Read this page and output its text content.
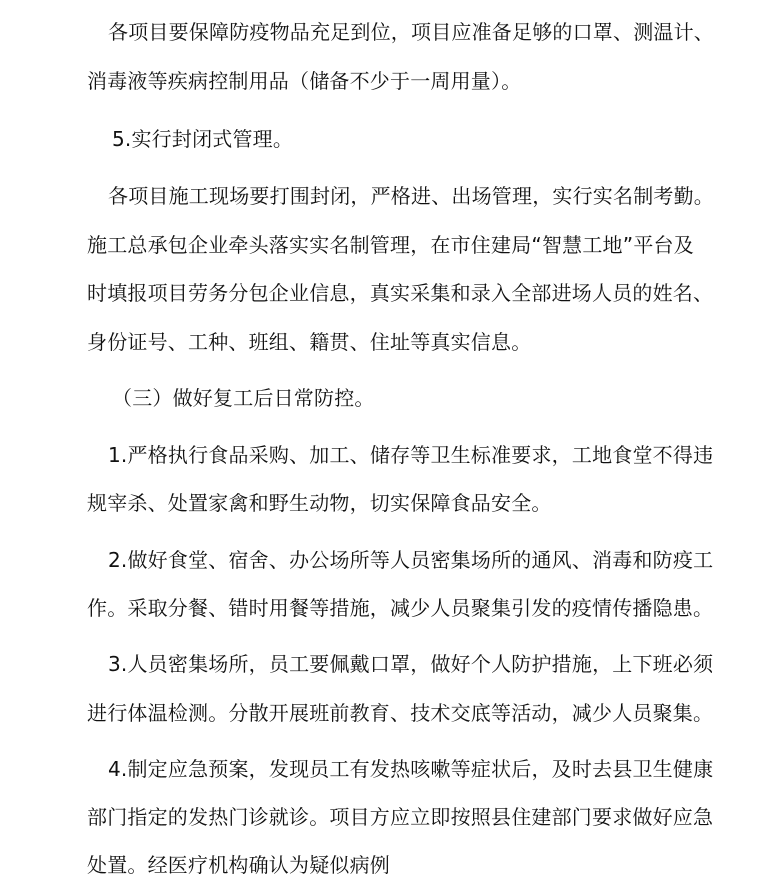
各项目要保障防疫物品充足到位，项目应准备足够的口罩、测温计、
消毒液等疾病控制用品（储备不少于一周用量）。
5.实行封闭式管理。
各项目施工现场要打围封闭，严格进、出场管理，实行实名制考勤。
施工总承包企业牵头落实实名制管理，在市住建局“智慧工地”平台及
时填报项目劳务分包企业信息，真实采集和录入全部进场人员的姓名、
身份证号、工种、班组、籍贯、住址等真实信息。
（三）做好复工后日常防控。
1.严格执行食品采购、加工、储存等卫生标准要求，工地食堂不得违
规宰杀、处置家禽和野生动物，切实保障食品安全。
2.做好食堂、宿舍、办公场所等人员密集场所的通风、消毒和防疫工
作。采取分餐、错时用餐等措施，减少人员聚集引发的疫情传播隐患。
3.人员密集场所，员工要佩戴口罩，做好个人防护措施，上下班必须
进行体温检测。分散开展班前教育、技术交底等活动，减少人员聚集。
4.制定应急预案，发现员工有发热咳嗽等症状后，及时去县卫生健康
部门指定的发热门诊就诊。项目方应立即按照县住建部门要求做好应急
处置。经医疗机构确认为疑似病例
